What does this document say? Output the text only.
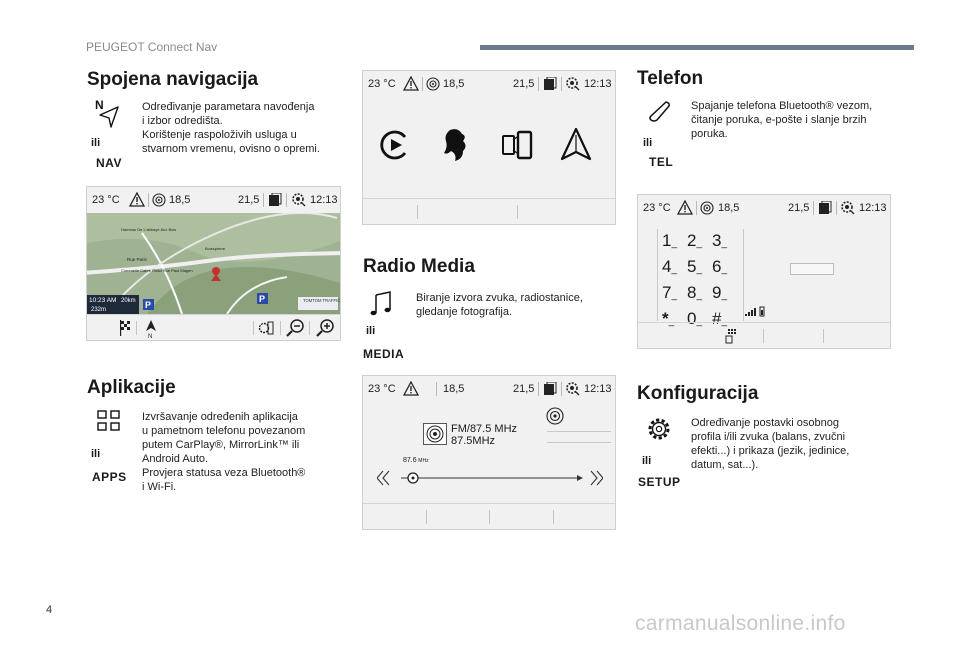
PEUGEOT Connect Nav
Spojena navigacija
N
ili
NAV
Određivanje parametara navođenja
i izbor odredišta.
Korištenje raspoloživih usluga u
stvarnom vremenu, ovisno o opremi.
23 °C	18,5	21,5	12:13
Hameau De L'abbaye Aux Bois
Buisspierre
Rue Paris
Commelle Cabre Road Rue Paul Magen
10:23 AM 20km
232m	P
P	TOMTOM TRAFFIC
N
Aplikacije
ili
APPS
Izvršavanje određenih aplikacija
u pametnom telefonu povezanom
putem CarPlay®, MirrorLink™ ili
Android Auto.
Provjera statusa veza Bluetooth®
i Wi-Fi.
23 °C	18,5	21,5	12:13
Radio Media
ili
MEDIA
Biranje izvora zvuka, radiostanice,
gledanje fotografija.
23 °C	18,5	21,5	12:13
FM/87.5 MHz
87.5MHz
87.6 MHz
Telefon
ili
TEL
Spajanje telefona Bluetooth® vezom,
čitanje poruka, e-pošte i slanje brzih
poruka.
23 °C	18,5	21,5	12:13
1_ 2_ 3_
4_ 5_ 6_
7_ 8_ 9_
*_ 0_ #_
Konfiguracija
ili
SETUP
Određivanje postavki osobnog
profila i/ili zvuka (balans, zvučni
efekti...) i prikaza (jezik, jedinice,
datum, sat...).
4
carmanualsonline.info
